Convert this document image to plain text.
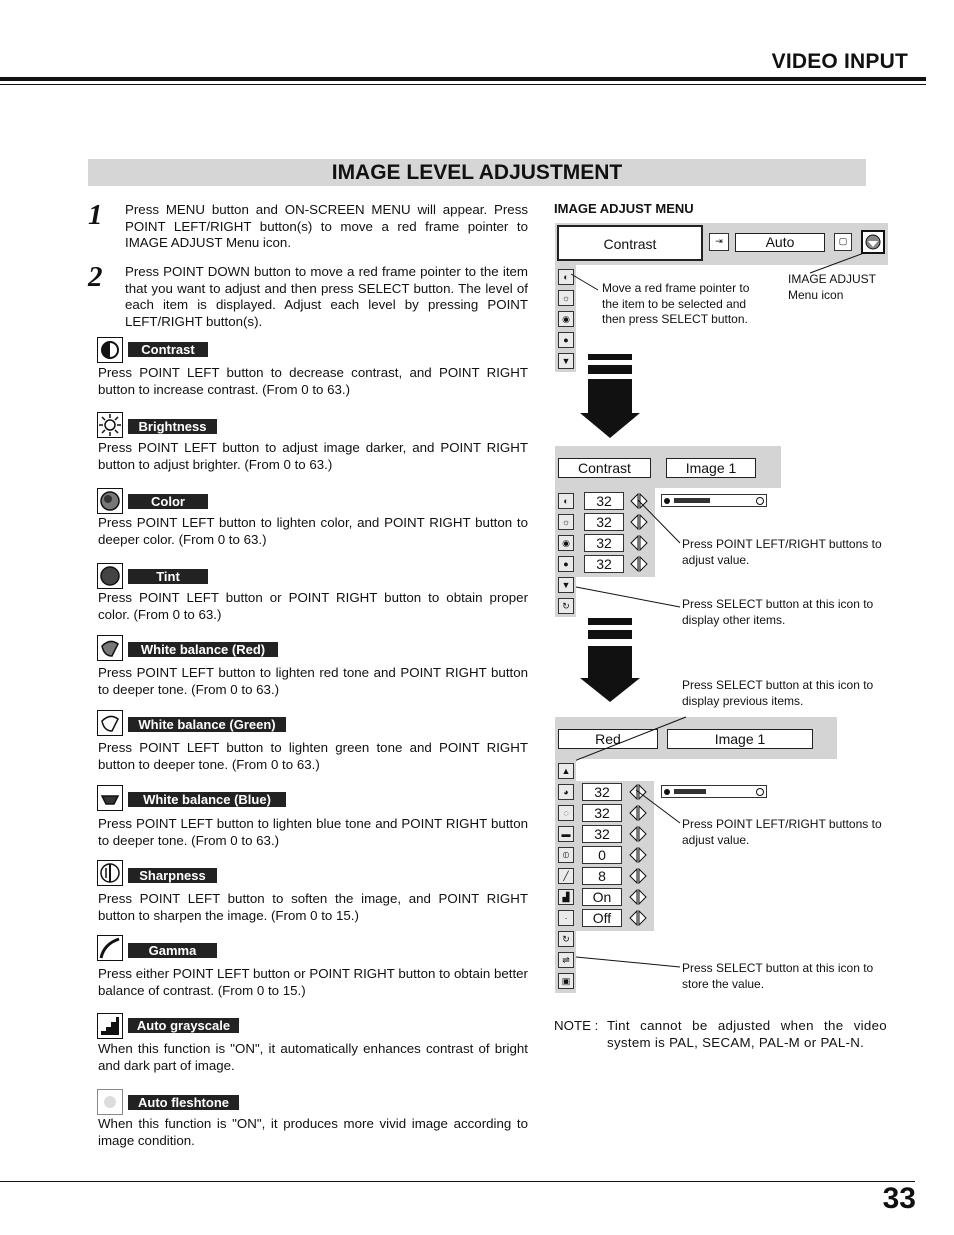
VIDEO INPUT
IMAGE LEVEL ADJUSTMENT
1 Press MENU button and ON-SCREEN MENU will appear. Press POINT LEFT/RIGHT button(s) to move a red frame pointer to IMAGE ADJUST Menu icon.
2 Press POINT DOWN button to move a red frame pointer to the item that you want to adjust and then press SELECT button. The level of each item is displayed. Adjust each level by pressing POINT LEFT/RIGHT button(s).
Contrast
Press POINT LEFT button to decrease contrast, and POINT RIGHT button to increase contrast. (From 0 to 63.)
Brightness
Press POINT LEFT button to adjust image darker, and POINT RIGHT button to adjust brighter. (From 0 to 63.)
Color
Press POINT LEFT button to lighten color, and POINT RIGHT button to deeper color. (From 0 to 63.)
Tint
Press POINT LEFT button or POINT RIGHT button to obtain proper color. (From 0 to 63.)
White balance (Red)
Press POINT LEFT button to lighten red tone and POINT RIGHT button to deeper tone. (From 0 to 63.)
White balance (Green)
Press POINT LEFT button to lighten green tone and POINT RIGHT button to deeper tone. (From 0 to 63.)
White balance (Blue)
Press POINT LEFT button to lighten blue tone and POINT RIGHT button to deeper tone. (From 0 to 63.)
Sharpness
Press POINT LEFT button to soften the image, and POINT RIGHT button to sharpen the image. (From 0 to 15.)
Gamma
Press either POINT LEFT button or POINT RIGHT button to obtain better balance of contrast. (From 0 to 15.)
Auto grayscale
When this function is "ON", it automatically enhances contrast of bright and dark part of image.
Auto fleshtone
When this function is "ON", it produces more vivid image according to image condition.
IMAGE ADJUST MENU
Contrast	⇥	Auto	▢
◐
☼
◉
●
▼
Move a red frame pointer to the item to be selected and then press SELECT button.
IMAGE ADJUST Menu icon
Contrast	Image 1
◐
☼
◉
●
▼
↻
32
32
32
32
Press POINT LEFT/RIGHT buttons to adjust value.
Press SELECT button at this icon to display other items.
Press SELECT button at this icon to display previous items.
Red	Image 1
▲
◕
◌
▬
⦶
╱
▟
·
↻
⇌
▣
32
32
32
0
8
On
Off
Press POINT LEFT/RIGHT buttons to adjust value.
Press SELECT button at this icon to store the value.
NOTE : Tint cannot be adjusted when the video system is PAL, SECAM, PAL-M or PAL-N.
33
